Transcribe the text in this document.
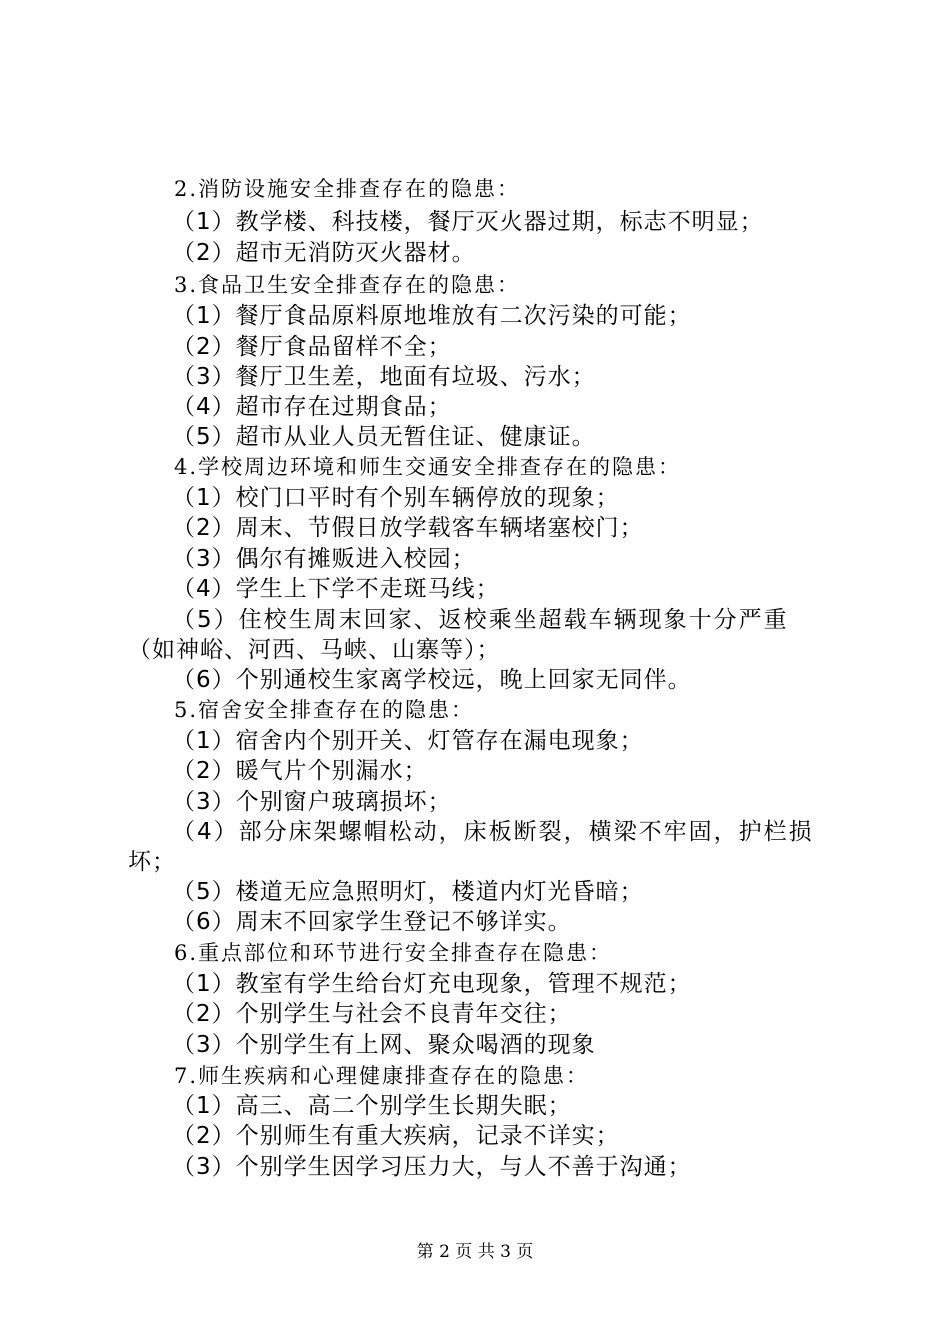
2.消防设施安全排查存在的隐患：
（1）教学楼、科技楼，餐厅灭火器过期，标志不明显；
（2）超市无消防灭火器材。
3.食品卫生安全排查存在的隐患：
（1）餐厅食品原料原地堆放有二次污染的可能；
（2）餐厅食品留样不全；
（3）餐厅卫生差，地面有垃圾、污水；
（4）超市存在过期食品；
（5）超市从业人员无暂住证、健康证。
4.学校周边环境和师生交通安全排查存在的隐患：
（1）校门口平时有个别车辆停放的现象；
（2）周末、节假日放学载客车辆堵塞校门；
（3）偶尔有摊贩进入校园；
（4）学生上下学不走斑马线；
（5）住校生周末回家、返校乘坐超载车辆现象十分严重
（如神峪、河西、马峡、山寨等）；
（6）个别通校生家离学校远，晚上回家无同伴。
5.宿舍安全排查存在的隐患：
（1）宿舍内个别开关、灯管存在漏电现象；
（2）暖气片个别漏水；
（3）个别窗户玻璃损坏；
（4）部分床架螺帽松动，床板断裂，横梁不牢固，护栏损
坏；
（5）楼道无应急照明灯，楼道内灯光昏暗；
（6）周末不回家学生登记不够详实。
6.重点部位和环节进行安全排查存在隐患：
（1）教室有学生给台灯充电现象，管理不规范；
（2）个别学生与社会不良青年交往；
（3）个别学生有上网、聚众喝酒的现象
7.师生疾病和心理健康排查存在的隐患：
（1）高三、高二个别学生长期失眠；
（2）个别师生有重大疾病，记录不详实；
（3）个别学生因学习压力大，与人不善于沟通；
第 2 页 共 3 页
